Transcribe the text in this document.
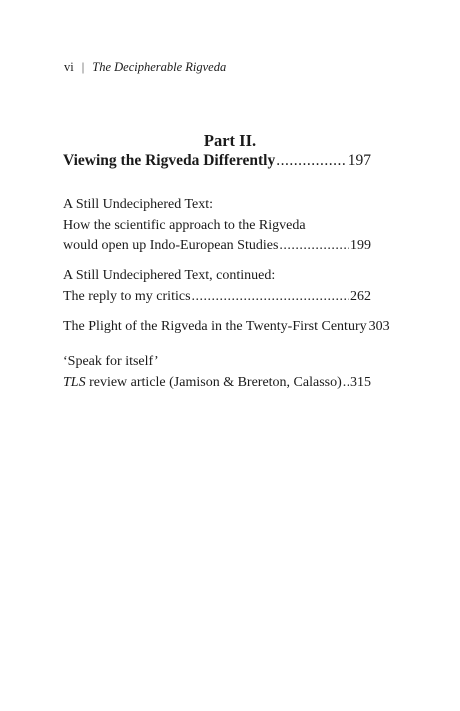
vi | The Decipherable Rigveda
Part II.
Viewing the Rigveda Differently .....	197
A Still Undeciphered Text:
How the scientific approach to the Rigveda
would open up Indo-European Studies .....	199
A Still Undeciphered Text, continued:
The reply to my critics .....	262
The Plight of the Rigveda in the Twenty-First Century 303
‘Speak for itself’
TLS review article (Jamison & Brereton, Calasso) ..... 315
